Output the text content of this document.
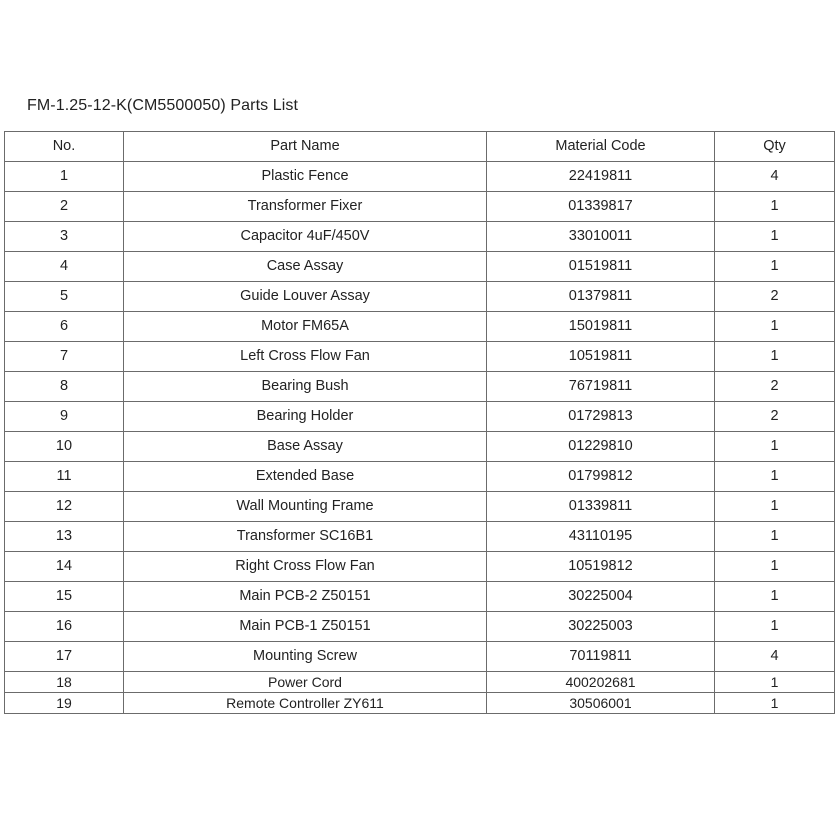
FM-1.25-12-K(CM5500050) Parts List
No.	Part Name	Material Code	Qty
1	Plastic Fence	22419811	4
2	Transformer Fixer	01339817	1
3	Capacitor 4uF/450V	33010011	1
4	Case Assay	01519811	1
5	Guide Louver Assay	01379811	2
6	Motor FM65A	15019811	1
7	Left Cross Flow Fan	10519811	1
8	Bearing Bush	76719811	2
9	Bearing Holder	01729813	2
10	Base Assay	01229810	1
11	Extended Base	01799812	1
12	Wall Mounting Frame	01339811	1
13	Transformer SC16B1	43110195	1
14	Right Cross Flow Fan	10519812	1
15	Main PCB-2 Z50151	30225004	1
16	Main PCB-1 Z50151	30225003	1
17	Mounting Screw	70119811	4
18	Power Cord	400202681	1
19	Remote Controller ZY611	30506001	1
